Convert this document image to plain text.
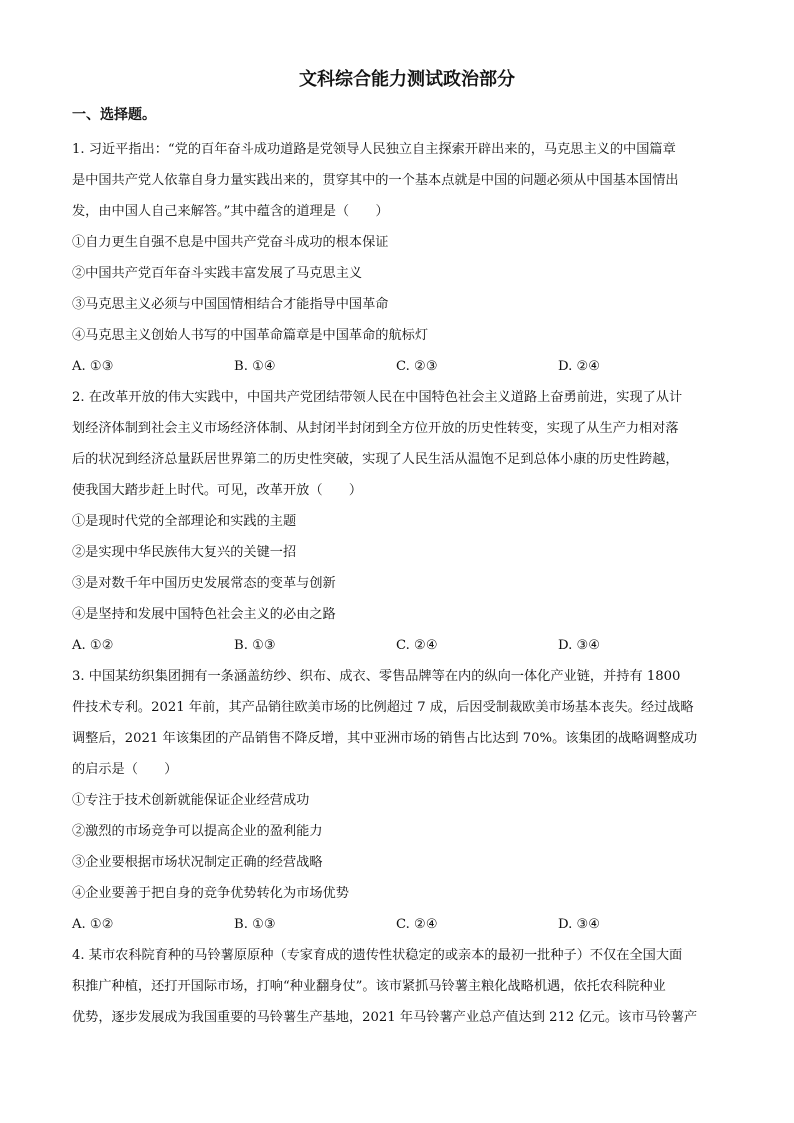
文科综合能力测试政治部分
一、选择题。
1. 习近平指出：“党的百年奋斗成功道路是党领导人民独立自主探索开辟出来的，马克思主义的中国篇章
是中国共产党人依靠自身力量实践出来的，贯穿其中的一个基本点就是中国的问题必须从中国基本国情出
发，由中国人自己来解答。”其中蕴含的道理是（　　）
①自力更生自强不息是中国共产党奋斗成功的根本保证
②中国共产党百年奋斗实践丰富发展了马克思主义
③马克思主义必须与中国国情相结合才能指导中国革命
④马克思主义创始人书写的中国革命篇章是中国革命的航标灯
A. ①③	B. ①④	C. ②③	D. ②④
2. 在改革开放的伟大实践中，中国共产党团结带领人民在中国特色社会主义道路上奋勇前进，实现了从计
划经济体制到社会主义市场经济体制、从封闭半封闭到全方位开放的历史性转变，实现了从生产力相对落
后的状况到经济总量跃居世界第二的历史性突破，实现了人民生活从温饱不足到总体小康的历史性跨越，
使我国大踏步赶上时代。可见，改革开放（　　）
①是现时代党的全部理论和实践的主题
②是实现中华民族伟大复兴的关键一招
③是对数千年中国历史发展常态的变革与创新
④是坚持和发展中国特色社会主义的必由之路
A. ①②	B. ①③	C. ②④	D. ③④
3. 中国某纺织集团拥有一条涵盖纺纱、织布、成衣、零售品牌等在内的纵向一体化产业链，并持有 1800
件技术专利。2021 年前，其产品销往欧美市场的比例超过 7 成，后因受制裁欧美市场基本丧失。经过战略
调整后，2021 年该集团的产品销售不降反增，其中亚洲市场的销售占比达到 70%。该集团的战略调整成功
的启示是（　　）
①专注于技术创新就能保证企业经营成功
②激烈的市场竞争可以提高企业的盈利能力
③企业要根据市场状况制定正确的经营战略
④企业要善于把自身的竞争优势转化为市场优势
A. ①②	B. ①③	C. ②④	D. ③④
4. 某市农科院育种的马铃薯原原种（专家育成的遗传性状稳定的或亲本的最初一批种子）不仅在全国大面
积推广种植，还打开国际市场，打响“种业翻身仗”。该市紧抓马铃薯主粮化战略机遇，依托农科院种业
优势，逐步发展成为我国重要的马铃薯生产基地，2021 年马铃薯产业总产值达到 212 亿元。该市马铃薯产
